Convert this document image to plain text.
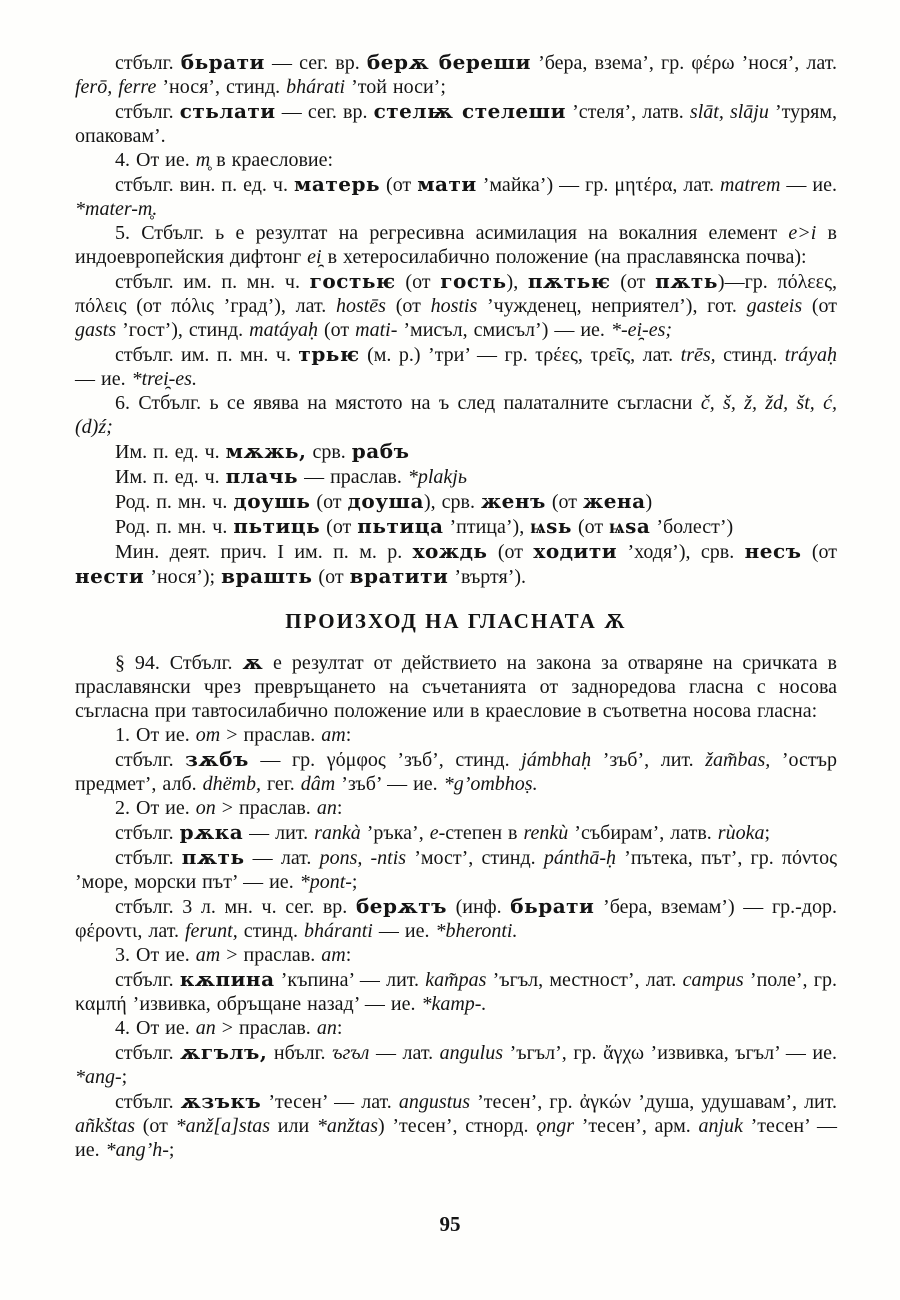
стбълг. бьрати — сег. вр. берѫ береши ’бера, взема’, гр. φέρω ’нося’, лат. ferō, ferre ’нося’, стинд. bhárati ’той носи’;

стбълг. стьлати — сег. вр. стелѭ стелеши ’стеля’, латв. slāt, slāju ’турям, опаковам’.

4. От ие. m̥ в краесловие:

стбълг. вин. п. ед. ч. матерь (от мати ’майка’) — гр. μητέρα, лат. matrem — ие. *mater-m̥.

5. Стбълг. ь е резултат на регресивна асимилация на вокалния елемент e>i в индоевропейския дифтонг ei̯ в хетеросилабично положение (на праславянска почва):

стбълг. им. п. мн. ч. гостьѥ (от гость), пѫтьѥ (от пѫть)—гр. πόλεες, πόλεις (от πόλις ’град’), лат. hostēs (от hostis ’чужденец, неприятел’), гот. gasteis (от gasts ’гост’), стинд. matáyaḥ (от mati- ’мисъл, смисъл’) — ие. *-ei̯-es;

стбълг. им. п. мн. ч. трьѥ (м. р.) ’три’ — гр. τρέες, τρεῖς, лат. trēs, стинд. tráyaḥ — ие. *trei̯-es.

6. Стбълг. ь се явява на мястото на ъ след палаталните съгласни č, š, ž, žd, št, ć, (d)ź;

Им. п. ед. ч. мѫжь, срв. рабъ

Им. п. ед. ч. плачь — праслав. *plakjь

Род. п. мн. ч. доушь (от доуша), срв. женъ (от жена)

Род. п. мн. ч. пьтиць (от пьтица ’птица’), ѩѕь (от ѩѕа ’болест’)

Мин. деят. прич. I им. п. м. р. хождь (от ходити ’ходя’), срв. несъ (от нести ’нося’); врашть (от вратити ’въртя’).

ПРОИЗХОД НА ГЛАСНАТА Ѫ

§ 94. Стбълг. ѫ е резултат от действието на закона за отваряне на сричката в праславянски чрез превръщането на съчетанията от задноредова гласна с носова съгласна при тавтосилабично положение или в краесловие в съответна носова гласна:

1. От ие. om > праслав. am:

стбълг. зѫбъ — гр. γόμφος ’зъб’, стинд. jámbhaḥ ’зъб’, лит. žam̃bas, ’остър предмет’, алб. dhëmb, гег. dâm ’зъб’ — ие. *g’ombhoṣ.

2. От ие. on > праслав. an:

стбълг. рѫка — лит. rankà ’ръка’, e-степен в renkù ’събирам’, латв. rùoka;

стбълг. пѫть — лат. pons, -ntis ’мост’, стинд. pánthā-ḥ ’пътека, път’, гр. πόντος ’море, морски път’ — ие. *pont-;

стбълг. 3 л. мн. ч. сег. вр. берѫтъ (инф. бьрати ’бера, вземам’) — гр.-дор. φέροντι, лат. ferunt, стинд. bháranti — ие. *bheronti.

3. От ие. am > праслав. am:

стбълг. кѫпина ’къпина’ — лит. kam̃pas ’ъгъл, местност’, лат. campus ’поле’, гр. καμπή ’извивка, обръщане назад’ — ие. *kamp-.

4. От ие. an > праслав. an:

стбълг. ѫгълъ, нбълг. ъгъл — лат. angulus ’ъгъл’, гр. ἄγχω ’извивка, ъгъл’ — ие. *ang-;

стбълг. ѫзъкъ ’тесен’ — лат. angustus ’тесен’, гр. ἀγκών ’душа, удушавам’, лит. añkštas (от *anž[a]stas или *anžtas) ’тесен’, стнорд. ǫngr ’тесен’, арм. anjuk ’тесен’ — ие. *ang’h-;

95
